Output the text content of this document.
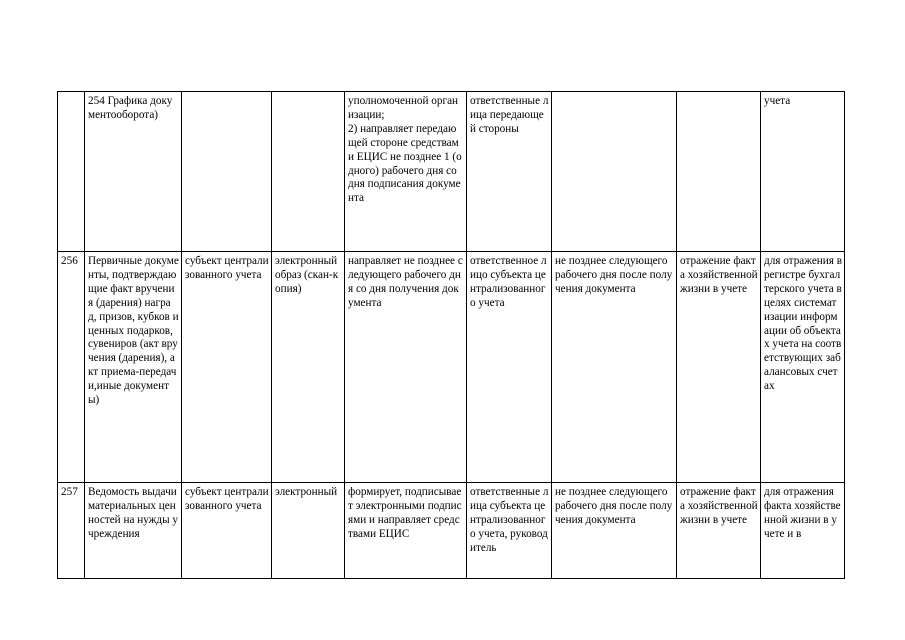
	254 Графика документооборота)			уполномоченной организации;
2) направляет передающей стороне средствами ЕЦИС не позднее 1 (одного) рабочего дня со дня подписания документа	ответственные лица передающей стороны			учета
256	Первичные документы, подтверждающие факт вручения (дарения) наград, призов, кубков и ценных подарков, сувениров (акт вручения (дарения), акт приема-передачи,иные документы)	субъект централизованного учета	электронный образ (скан-копия)	направляет не позднее следующего рабочего дня со дня получения документа	ответственное лицо субъекта централизованного учета	не позднее следующего рабочего дня после получения документа	отражение факта хозяйственной жизни в учете	для отражения в регистре бухгалтерского учета в целях систематизации информации об объектах учета на соответствующих забалансовых счетах
257	Ведомость выдачи материальных ценностей на нужды учреждения	субъект централизованного учета	электронный	формирует, подписывает электронными подписями и направляет средствами ЕЦИС	ответственные лица субъекта централизованного учета, руководитель	не позднее следующего рабочего дня после получения документа	отражение факта хозяйственной жизни в учете	для отражения факта хозяйственной жизни в учете и в
